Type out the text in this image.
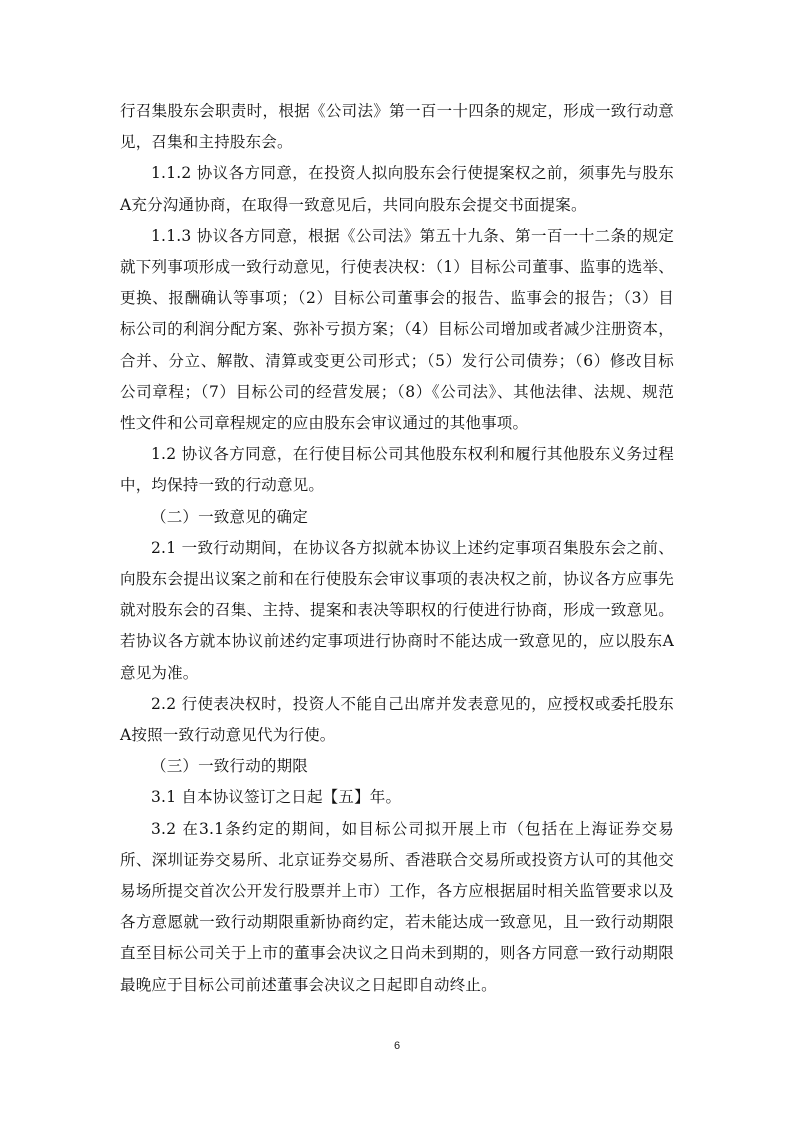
行召集股东会职责时，根据《公司法》第一百一十四条的规定，形成一致行动意见，召集和主持股东会。

1.1.2 协议各方同意，在投资人拟向股东会行使提案权之前，须事先与股东A充分沟通协商，在取得一致意见后，共同向股东会提交书面提案。

1.1.3 协议各方同意，根据《公司法》第五十九条、第一百一十二条的规定就下列事项形成一致行动意见，行使表决权：（1）目标公司董事、监事的选举、更换、报酬确认等事项；（2）目标公司董事会的报告、监事会的报告；（3）目标公司的利润分配方案、弥补亏损方案；（4）目标公司增加或者减少注册资本，合并、分立、解散、清算或变更公司形式；（5）发行公司债券；（6）修改目标公司章程；（7）目标公司的经营发展；（8）《公司法》、其他法律、法规、规范性文件和公司章程规定的应由股东会审议通过的其他事项。

1.2 协议各方同意，在行使目标公司其他股东权利和履行其他股东义务过程中，均保持一致的行动意见。

（二）一致意见的确定

2.1 一致行动期间，在协议各方拟就本协议上述约定事项召集股东会之前、向股东会提出议案之前和在行使股东会审议事项的表决权之前，协议各方应事先就对股东会的召集、主持、提案和表决等职权的行使进行协商，形成一致意见。若协议各方就本协议前述约定事项进行协商时不能达成一致意见的，应以股东A意见为准。

2.2 行使表决权时，投资人不能自己出席并发表意见的，应授权或委托股东A按照一致行动意见代为行使。

（三）一致行动的期限

3.1 自本协议签订之日起【五】年。

3.2 在3.1条约定的期间，如目标公司拟开展上市（包括在上海证券交易所、深圳证券交易所、北京证券交易所、香港联合交易所或投资方认可的其他交易场所提交首次公开发行股票并上市）工作，各方应根据届时相关监管要求以及各方意愿就一致行动期限重新协商约定，若未能达成一致意见，且一致行动期限直至目标公司关于上市的董事会决议之日尚未到期的，则各方同意一致行动期限最晚应于目标公司前述董事会决议之日起即自动终止。

6
